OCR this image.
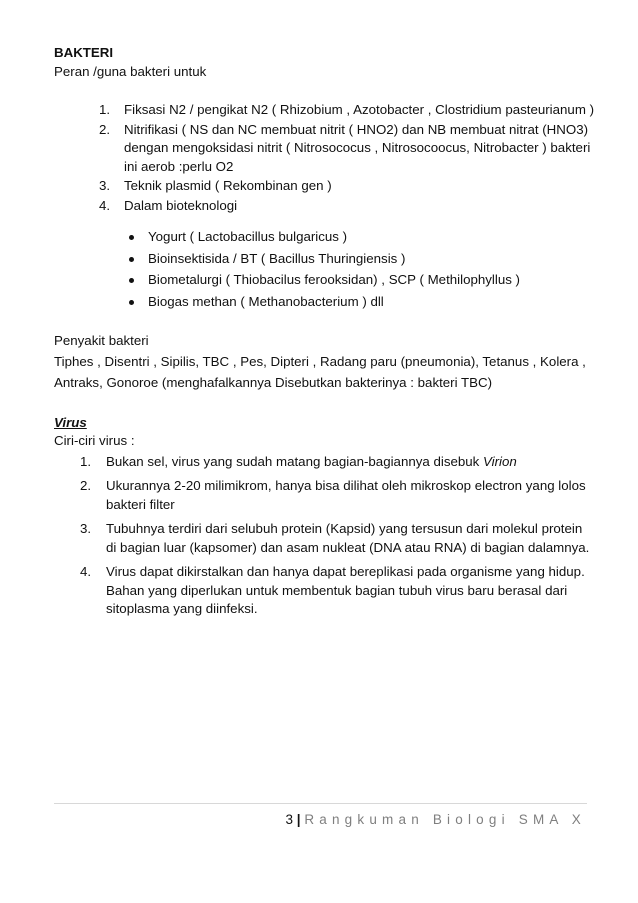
BAKTERI

Peran /guna bakteri untuk

1. Fiksasi N2 / pengikat N2 ( Rhizobium , Azotobacter , Clostridium pasteurianum )
2. Nitrifikasi ( NS dan NC membuat nitrit ( HNO2) dan NB membuat nitrat (HNO3) dengan mengoksidasi nitrit ( Nitrosococus , Nitrosocoocus, Nitrobacter ) bakteri ini aerob :perlu O2
3. Teknik plasmid ( Rekombinan gen )
4. Dalam bioteknologi
Yogurt ( Lactobacillus bulgaricus )
Bioinsektisida / BT ( Bacillus Thuringiensis )
Biometalurgi ( Thiobacilus ferooksidan) , SCP ( Methilophyllus )
Biogas methan ( Methanobacterium ) dll

Penyakit bakteri

Tiphes , Disentri , Sipilis, TBC , Pes, Dipteri , Radang paru (pneumonia), Tetanus , Kolera , Antraks, Gonoroe (menghafalkannya Disebutkan bakterinya : bakteri TBC)

Virus

Ciri-ciri virus :

1. Bukan sel, virus yang sudah matang bagian-bagiannya disebuk Virion
2. Ukurannya 2-20 milimikrom, hanya bisa dilihat oleh mikroskop electron yang lolos bakteri filter
3. Tubuhnya terdiri dari selubuh protein (Kapsid) yang tersusun dari molekul protein di bagian luar (kapsomer) dan asam nukleat (DNA atau RNA) di bagian dalamnya.
4. Virus dapat dikirstalkan dan hanya dapat bereplikasi pada organisme yang hidup. Bahan yang diperlukan untuk membentuk bagian tubuh virus baru berasal dari sitoplasma yang diinfeksi.
3 | Rangkuman Biologi SMA X
